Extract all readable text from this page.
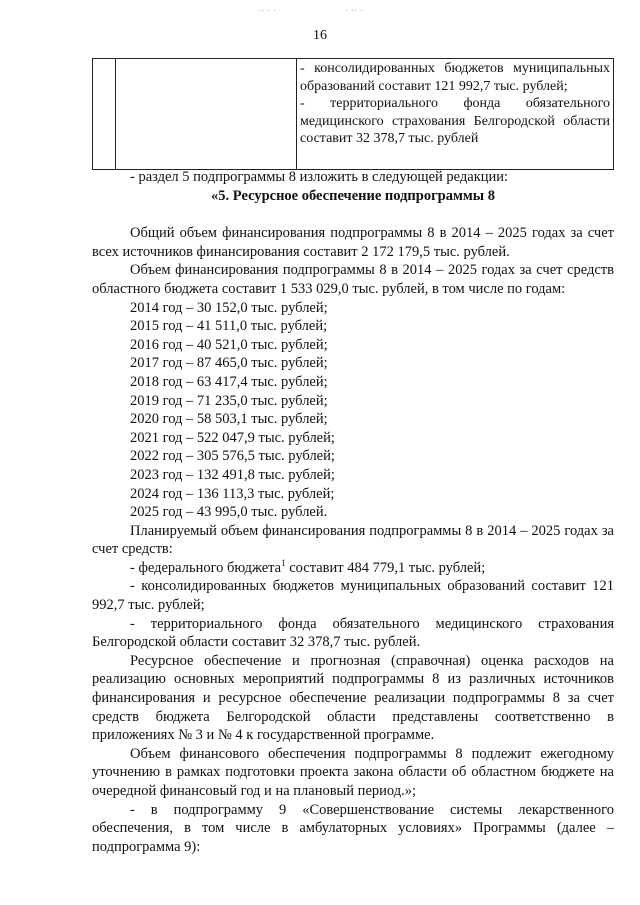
·· · ·	· ·· ·
16

- консолидированных бюджетов муниципальных образований составит 121 992,7 тыс. рублей;

- территориального фонда обязательного медицинского страхования Белгородской области составит 32 378,7 тыс. рублей

- раздел 5 подпрограммы 8 изложить в следующей редакции:

«5. Ресурсное обеспечение подпрограммы 8

Общий объем финансирования подпрограммы 8 в 2014 – 2025 годах за счет всех источников финансирования составит 2 172 179,5 тыс. рублей.

Объем финансирования подпрограммы 8 в 2014 – 2025 годах за счет средств областного бюджета составит 1 533 029,0 тыс. рублей, в том числе по годам:

2014 год – 30 152,0 тыс. рублей;

2015 год – 41 511,0 тыс. рублей;

2016 год – 40 521,0 тыс. рублей;

2017 год – 87 465,0 тыс. рублей;

2018 год – 63 417,4 тыс. рублей;

2019 год – 71 235,0 тыс. рублей;

2020 год – 58 503,1 тыс. рублей;

2021 год – 522 047,9 тыс. рублей;

2022 год – 305 576,5 тыс. рублей;

2023 год – 132 491,8 тыс. рублей;

2024 год – 136 113,3 тыс. рублей;

2025 год – 43 995,0 тыс. рублей.

Планируемый объем финансирования подпрограммы 8 в 2014 – 2025 годах за счет средств:

- федерального бюджета$^1$ составит 484 779,1 тыс. рублей;

- консолидированных бюджетов муниципальных образований составит 121 992,7 тыс. рублей;

- территориального фонда обязательного медицинского страхования Белгородской области составит 32 378,7 тыс. рублей.

Ресурсное обеспечение и прогнозная (справочная) оценка расходов на реализацию основных мероприятий подпрограммы 8 из различных источников финансирования и ресурсное обеспечение реализации подпрограммы 8 за счет средств бюджета Белгородской области представлены соответственно в приложениях № 3 и № 4 к государственной программе.

Объем финансового обеспечения подпрограммы 8 подлежит ежегодному уточнению в рамках подготовки проекта закона области об областном бюджете на очередной финансовый год и на плановый период.»;

- в подпрограмму 9 «Совершенствование системы лекарственного обеспечения, в том числе в амбулаторных условиях» Программы (далее – подпрограмма 9):
